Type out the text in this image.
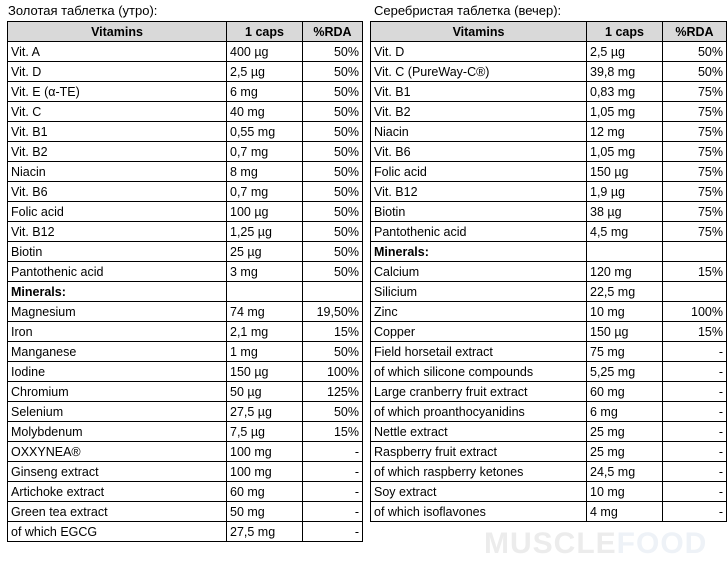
Золотая таблетка (утро):	Серебристая таблетка (вечер):
Vitamins	1 caps	%RDA
Vit. A	400 µg	50%
Vit. D	2,5 µg	50%
Vit. E (α-TE)	6 mg	50%
Vit. C	40 mg	50%
Vit. B1	0,55 mg	50%
Vit. B2	0,7 mg	50%
Niacin	8 mg	50%
Vit. B6	0,7 mg	50%
Folic acid	100 µg	50%
Vit. B12	1,25 µg	50%
Biotin	25 µg	50%
Pantothenic acid	3 mg	50%
Minerals:		
Magnesium	74 mg	19,50%
Iron	2,1 mg	15%
Manganese	1 mg	50%
Iodine	150 µg	100%
Chromium	50 µg	125%
Selenium	27,5 µg	50%
Molybdenum	7,5 µg	15%
OXXYNEA®	100 mg	-
Ginseng extract	100 mg	-
Artichoke extract	60 mg	-
Green tea extract	50 mg	-
of which EGCG	27,5 mg	-
Vitamins	1 caps	%RDA
Vit. D	2,5 µg	50%
Vit. C (PureWay-C®)	39,8 mg	50%
Vit. B1	0,83 mg	75%
Vit. B2	1,05 mg	75%
Niacin	12 mg	75%
Vit. B6	1,05 mg	75%
Folic acid	150 µg	75%
Vit. B12	1,9 µg	75%
Biotin	38 µg	75%
Pantothenic acid	4,5 mg	75%
Minerals:		
Calcium	120 mg	15%
Silicium	22,5 mg	
Zinc	10 mg	100%
Copper	150 µg	15%
Field horsetail extract	75 mg	-
of which silicone compounds	5,25 mg	-
Large cranberry fruit extract	60 mg	-
of which proanthocyanidins	6 mg	-
Nettle extract	25 mg	-
Raspberry fruit extract	25 mg	-
of which raspberry ketones	24,5 mg	-
Soy extract	10 mg	-
of which isoflavones	4 mg	-
MUSCLEFOOD
